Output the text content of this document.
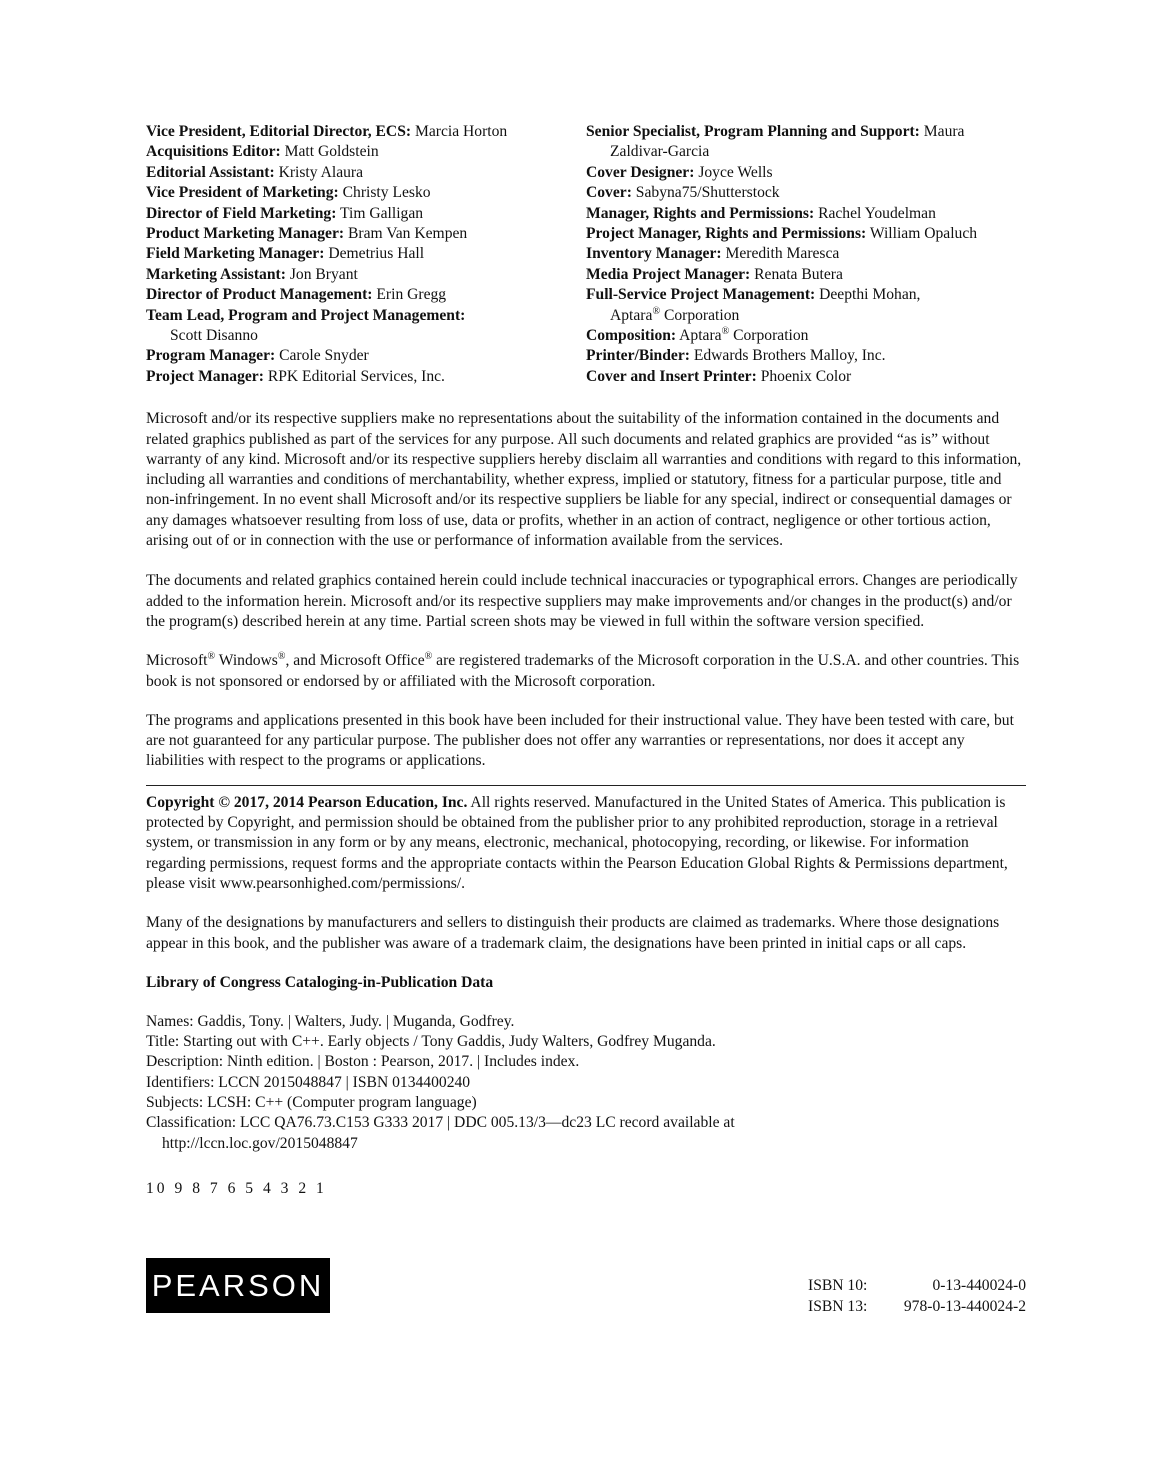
Vice President, Editorial Director, ECS: Marcia Horton
Acquisitions Editor: Matt Goldstein
Editorial Assistant: Kristy Alaura
Vice President of Marketing: Christy Lesko
Director of Field Marketing: Tim Galligan
Product Marketing Manager: Bram Van Kempen
Field Marketing Manager: Demetrius Hall
Marketing Assistant: Jon Bryant
Director of Product Management: Erin Gregg
Team Lead, Program and Project Management:
Scott Disanno
Program Manager: Carole Snyder
Project Manager: RPK Editorial Services, Inc.
Senior Specialist, Program Planning and Support: Maura
Zaldivar-Garcia
Cover Designer: Joyce Wells
Cover: Sabyna75/Shutterstock
Manager, Rights and Permissions: Rachel Youdelman
Project Manager, Rights and Permissions: William Opaluch
Inventory Manager: Meredith Maresca
Media Project Manager: Renata Butera
Full-Service Project Management: Deepthi Mohan,
Aptara® Corporation
Composition: Aptara® Corporation
Printer/Binder: Edwards Brothers Malloy, Inc.
Cover and Insert Printer: Phoenix Color

Microsoft and/or its respective suppliers make no representations about the suitability of the information contained in the documents and related graphics published as part of the services for any purpose. All such documents and related graphics are provided “as is” without warranty of any kind. Microsoft and/or its respective suppliers hereby disclaim all warranties and conditions with regard to this information, including all warranties and conditions of merchantability, whether express, implied or statutory, fitness for a particular purpose, title and non-infringement. In no event shall Microsoft and/or its respective suppliers be liable for any special, indirect or consequential damages or any damages whatsoever resulting from loss of use, data or profits, whether in an action of contract, negligence or other tortious action, arising out of or in connection with the use or performance of information available from the services.

The documents and related graphics contained herein could include technical inaccuracies or typographical errors. Changes are periodically added to the information herein. Microsoft and/or its respective suppliers may make improvements and/or changes in the product(s) and/or the program(s) described herein at any time. Partial screen shots may be viewed in full within the software version specified.

Microsoft® Windows®, and Microsoft Office® are registered trademarks of the Microsoft corporation in the U.S.A. and other countries. This book is not sponsored or endorsed by or affiliated with the Microsoft corporation.

The programs and applications presented in this book have been included for their instructional value. They have been tested with care, but are not guaranteed for any particular purpose. The publisher does not offer any warranties or representations, nor does it accept any liabilities with respect to the programs or applications.

Copyright © 2017, 2014 Pearson Education, Inc. All rights reserved. Manufactured in the United States of America. This publication is protected by Copyright, and permission should be obtained from the publisher prior to any prohibited reproduction, storage in a retrieval system, or transmission in any form or by any means, electronic, mechanical, photocopying, recording, or likewise. For information regarding permissions, request forms and the appropriate contacts within the Pearson Education Global Rights & Permissions department, please visit www.pearsonhighed.com/permissions/.

Many of the designations by manufacturers and sellers to distinguish their products are claimed as trademarks. Where those designations appear in this book, and the publisher was aware of a trademark claim, the designations have been printed in initial caps or all caps.

Library of Congress Cataloging-in-Publication Data
Names: Gaddis, Tony. | Walters, Judy. | Muganda, Godfrey.
Title: Starting out with C++. Early objects / Tony Gaddis, Judy Walters, Godfrey Muganda.
Description: Ninth edition. | Boston : Pearson, 2017. | Includes index.
Identifiers: LCCN 2015048847 | ISBN 0134400240
Subjects: LCSH: C++ (Computer program language)
Classification: LCC QA76.73.C153 G333 2017 | DDC 005.13/3—dc23 LC record available at
http://lccn.loc.gov/2015048847
10 9 8 7 6 5 4 3 2 1
PEARSON	ISBN 10:	0-13-440024-0
ISBN 13:	978-0-13-440024-2
